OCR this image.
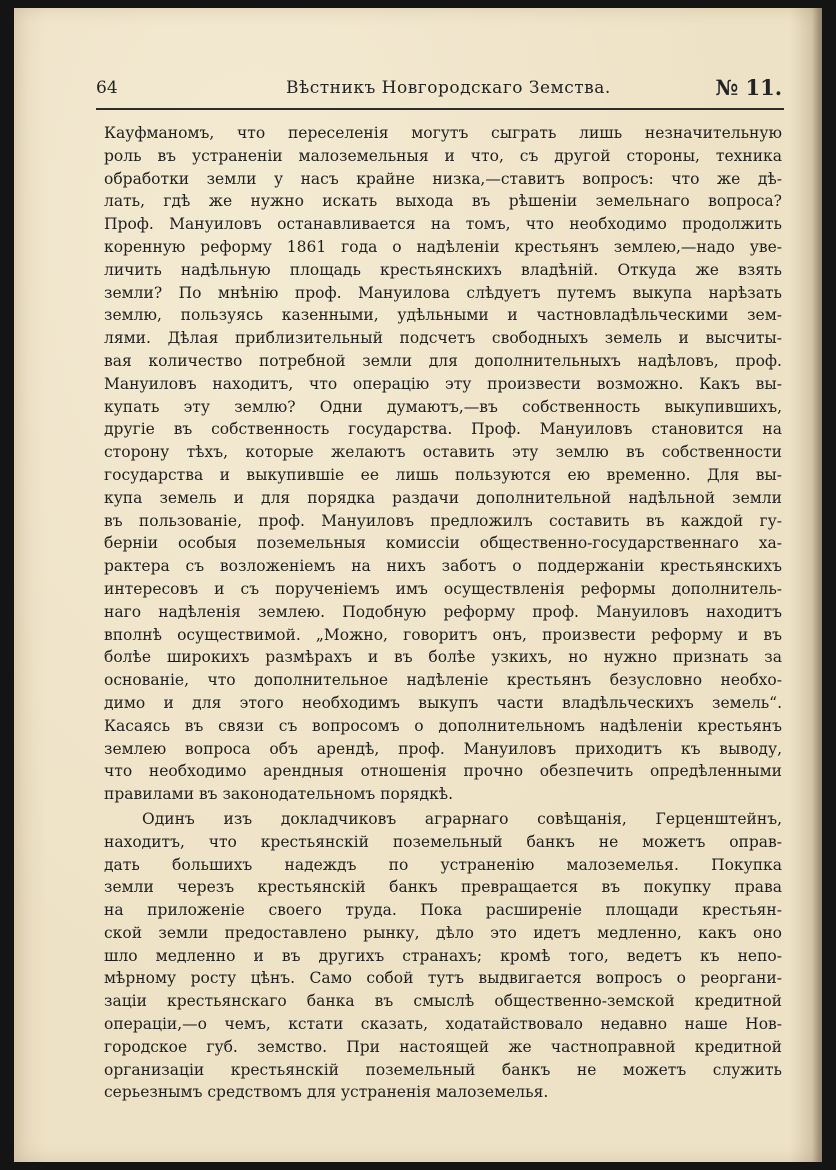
64	Вѣстникъ Новгородскаго Земства.	№ 11.
Кауфманомъ, что переселенія могутъ сыграть лишь незначительную
роль въ устраненіи малоземельныя и что, съ другой стороны, техника
обработки земли у насъ крайне низка,—ставитъ вопросъ: что же дѣ-
лать, гдѣ же нужно искать выхода въ рѣшеніи земельнаго вопроса?
Проф. Мануиловъ останавливается на томъ, что необходимо продолжить
коренную реформу 1861 года о надѣленіи крестьянъ землею,—надо уве-
личить надѣльную площадь крестьянскихъ владѣній. Откуда же взять
земли? По мнѣнію проф. Мануилова слѣдуетъ путемъ выкупа нарѣзать
землю, пользуясь казенными, удѣльными и частновладѣльческими зем-
лями. Дѣлая приблизительный подсчетъ свободныхъ земель и высчиты-
вая количество потребной земли для дополнительныхъ надѣловъ, проф.
Мануиловъ находитъ, что операцію эту произвести возможно. Какъ вы-
купать эту землю? Одни думаютъ,—въ собственность выкупившихъ,
другіе въ собственность государства. Проф. Мануиловъ становится на
сторону тѣхъ, которые желаютъ оставить эту землю въ собственности
государства и выкупившіе ее лишь пользуются ею временно. Для вы-
купа земель и для порядка раздачи дополнительной надѣльной земли
въ пользованіе, проф. Мануиловъ предложилъ составить въ каждой гу-
берніи особыя поземельныя комиссіи общественно-государственнаго ха-
рактера съ возложеніемъ на нихъ заботъ о поддержаніи крестьянскихъ
интересовъ и съ порученіемъ имъ осуществленія реформы дополнитель-
наго надѣленія землею. Подобную реформу проф. Мануиловъ находитъ
вполнѣ осуществимой. „Можно, говоритъ онъ, произвести реформу и въ
болѣе широкихъ размѣрахъ и въ болѣе узкихъ, но нужно признать за
основаніе, что дополнительное надѣленіе крестьянъ безусловно необхо-
димо и для этого необходимъ выкупъ части владѣльческихъ земель“.
Касаясь въ связи съ вопросомъ о дополнительномъ надѣленіи крестьянъ
землею вопроса объ арендѣ, проф. Мануиловъ приходитъ къ выводу,
что необходимо арендныя отношенія прочно обезпечить опредѣленными
правилами въ законодательномъ порядкѣ.
Одинъ изъ докладчиковъ аграрнаго совѣщанія, Герценштейнъ,
находитъ, что крестьянскій поземельный банкъ не можетъ оправ-
дать большихъ надеждъ по устраненію малоземелья. Покупка
земли черезъ крестьянскій банкъ превращается въ покупку права
на приложеніе своего труда. Пока расширеніе площади крестьян-
ской земли предоставлено рынку, дѣло это идетъ медленно, какъ оно
шло медленно и въ другихъ странахъ; кромѣ того, ведетъ къ непо-
мѣрному росту цѣнъ. Само собой тутъ выдвигается вопросъ о реоргани-
заціи крестьянскаго банка въ смыслѣ общественно-земской кредитной
операціи,—о чемъ, кстати сказать, ходатайствовало недавно наше Нов-
городское губ. земство. При настоящей же частноправной кредитной
организаціи крестьянскій поземельный банкъ не можетъ служить
серьезнымъ средствомъ для устраненія малоземелья.
